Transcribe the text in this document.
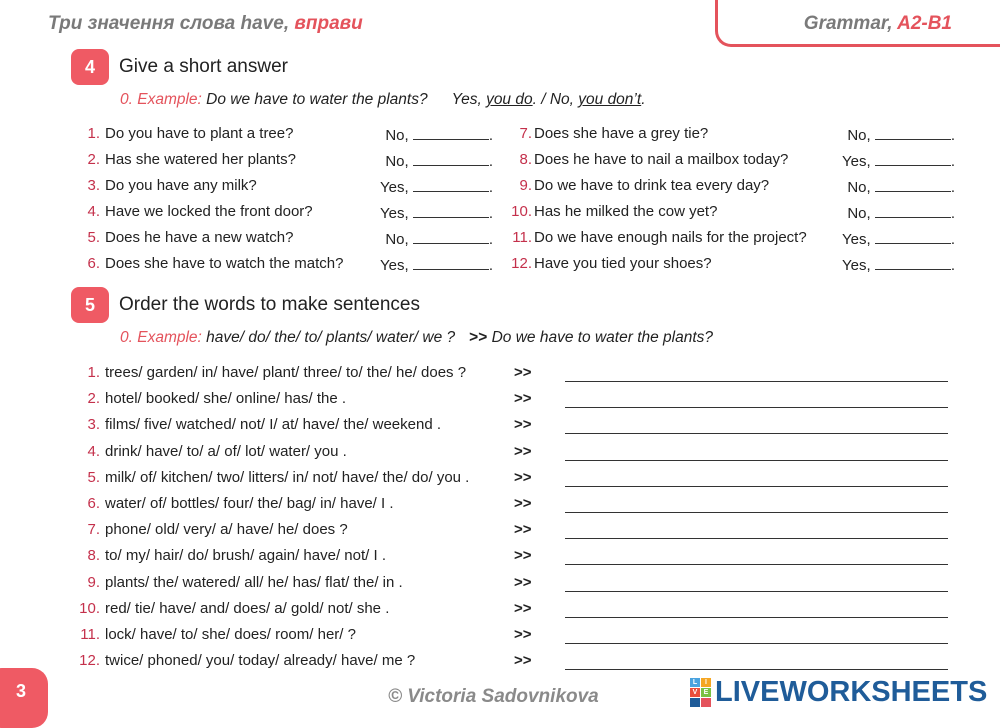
Три значення слова have, вправи	Grammar, A2-B1
4	Give a short answer
0. Example: Do we have to water the plants? Yes, you do. / No, you don’t.
1. Do you have to plant a tree?	No,	.
2. Has she watered her plants?	No,	.
3. Do you have any milk?	Yes,	.
4. Have we locked the front door?	Yes,	.
5. Does he have a new watch?	No,	.
6. Does she have to watch the match? Yes,	.
7. Does she have a grey tie?	No,	.
8. Does he have to nail a mailbox today?	Yes,	.
9. Do we have to drink tea every day?	No,	.
10. Has he milked the cow yet?	No,	.
11. Do we have enough nails for the project? Yes,	.
12. Have you tied your shoes?	Yes,	.
5	Order the words to make sentences
0. Example: have/ do/ the/ to/ plants/ water/ we ? >> Do we have to water the plants?
1. trees/ garden/ in/ have/ plant/ three/ to/ the/ he/ does ?	>>
2. hotel/ booked/ she/ online/ has/ the .	>>
3. films/ five/ watched/ not/ I/ at/ have/ the/ weekend .	>>
4. drink/ have/ to/ a/ of/ lot/ water/ you .	>>
5. milk/ of/ kitchen/ two/ litters/ in/ not/ have/ the/ do/ you .	>>
6. water/ of/ bottles/ four/ the/ bag/ in/ have/ I .	>>
7. phone/ old/ very/ a/ have/ he/ does ?	>>
8. to/ my/ hair/ do/ brush/ again/ have/ not/ I .	>>
9. plants/ the/ watered/ all/ he/ has/ flat/ the/ in .	>>
10. red/ tie/ have/ and/ does/ a/ gold/ not/ she .	>>
11. lock/ have/ to/ she/ does/ room/ her/ ?	>>
12. twice/ phoned/ you/ today/ already/ have/ me ?	>>
3	© Victoria Sadovnikova
L	I
V E LIVEWORKSHEETS
